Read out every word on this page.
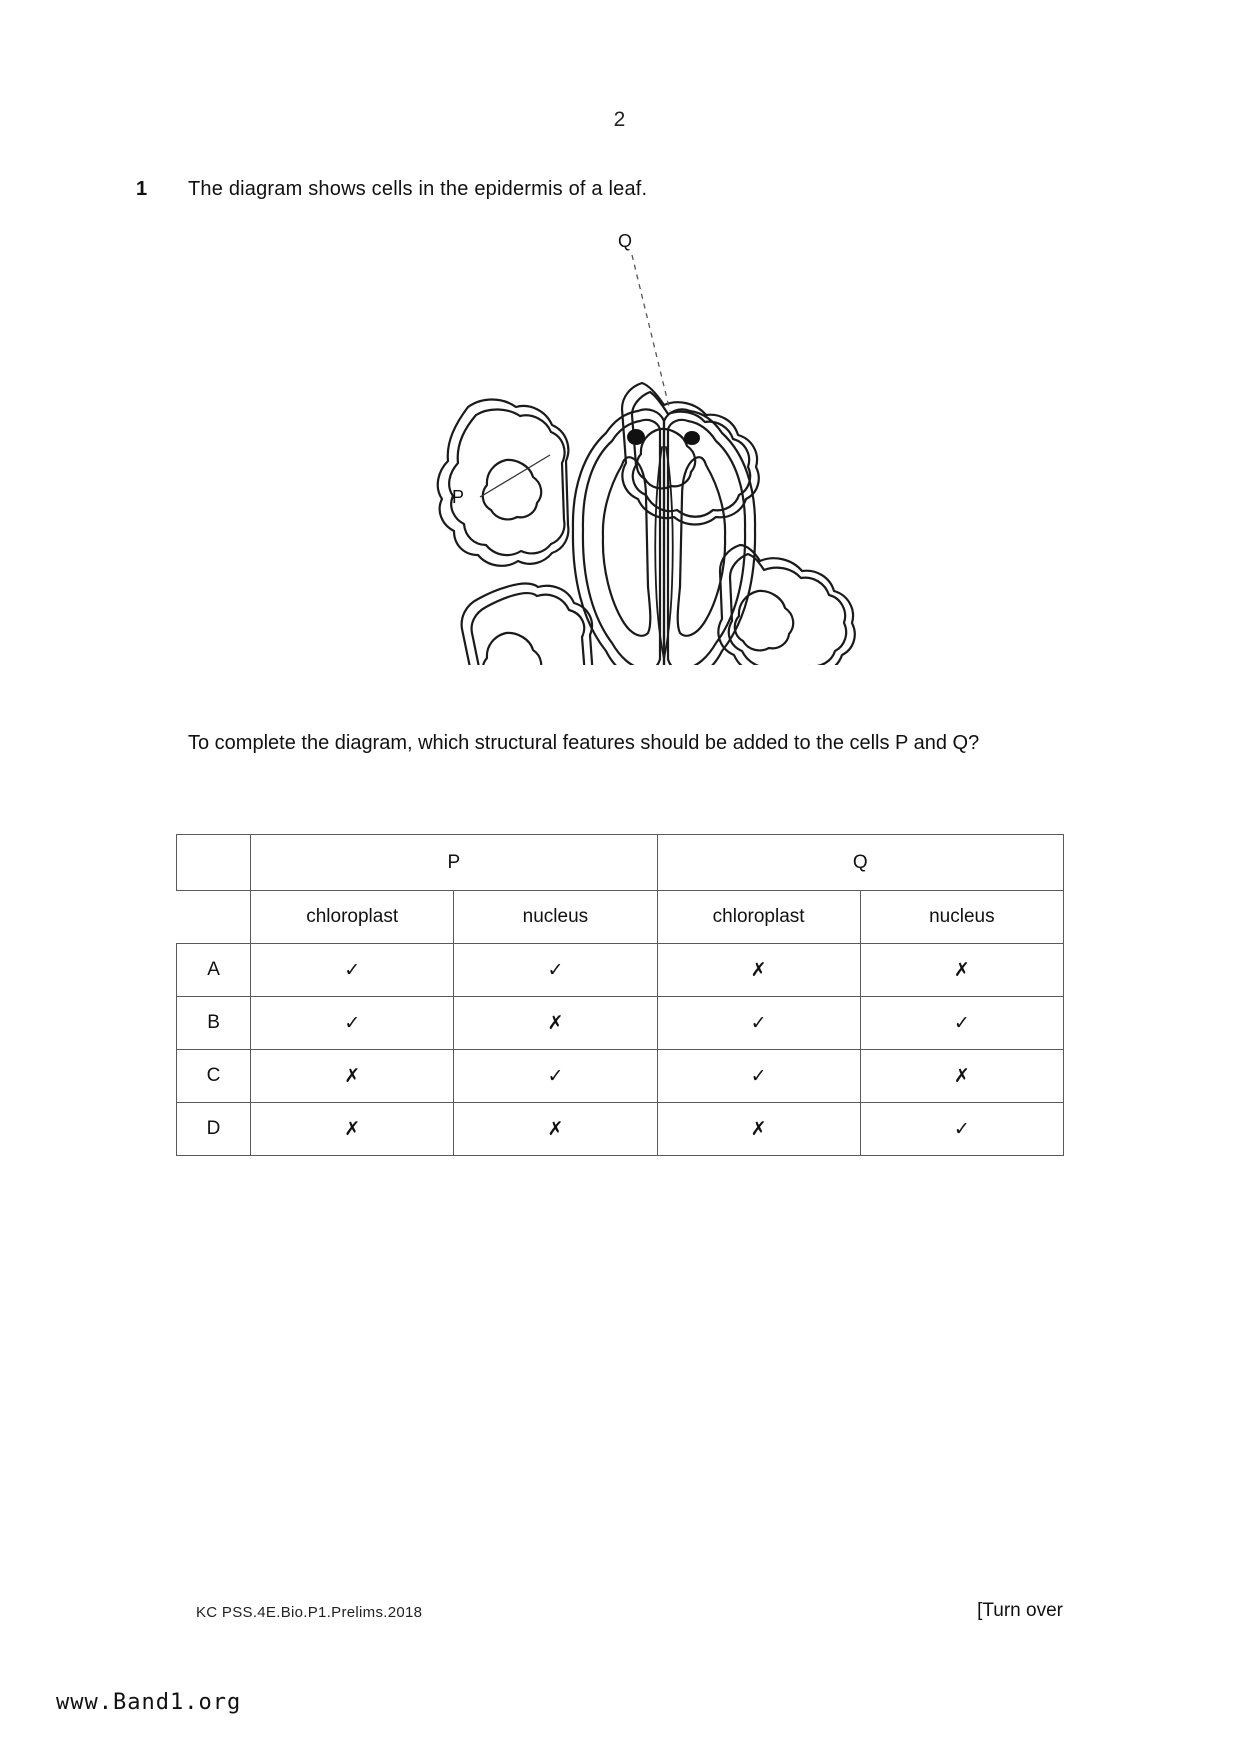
2
1 The diagram shows cells in the epidermis of a leaf.
Q
P
To complete the diagram, which structural features should be added to the cells P and Q?
	P		Q	
	chloroplast	nucleus	chloroplast	nucleus
A	✓	✓	✗	✗
B	✓	✗	✓	✓
C	✗	✓	✓	✗
D	✗	✗	✗	✓
KC PSS.4E.Bio.P1.Prelims.2018	[Turn over
www.Band1.org
